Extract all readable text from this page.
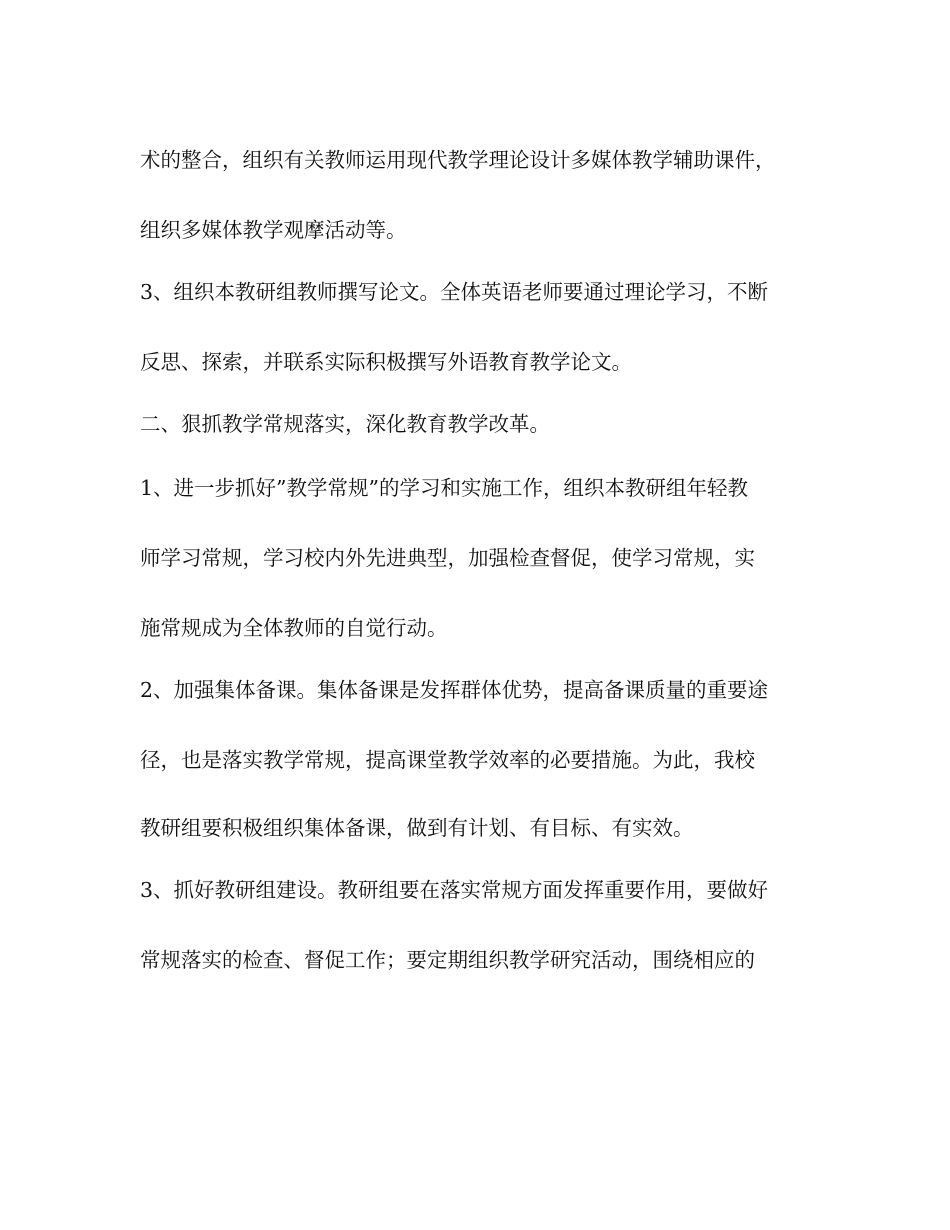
术的整合，组织有关教师运用现代教学理论设计多媒体教学辅助课件，
组织多媒体教学观摩活动等。
3、组织本教研组教师撰写论文。全体英语老师要通过理论学习，不断
反思、探索，并联系实际积极撰写外语教育教学论文。
二、狠抓教学常规落实，深化教育教学改革。
1、进一步抓好”教学常规”的学习和实施工作，组织本教研组年轻教
师学习常规，学习校内外先进典型，加强检查督促，使学习常规，实
施常规成为全体教师的自觉行动。
2、加强集体备课。集体备课是发挥群体优势，提高备课质量的重要途
径，也是落实教学常规，提高课堂教学效率的必要措施。为此，我校
教研组要积极组织集体备课，做到有计划、有目标、有实效。
3、抓好教研组建设。教研组要在落实常规方面发挥重要作用，要做好
常规落实的检查、督促工作；要定期组织教学研究活动，围绕相应的
